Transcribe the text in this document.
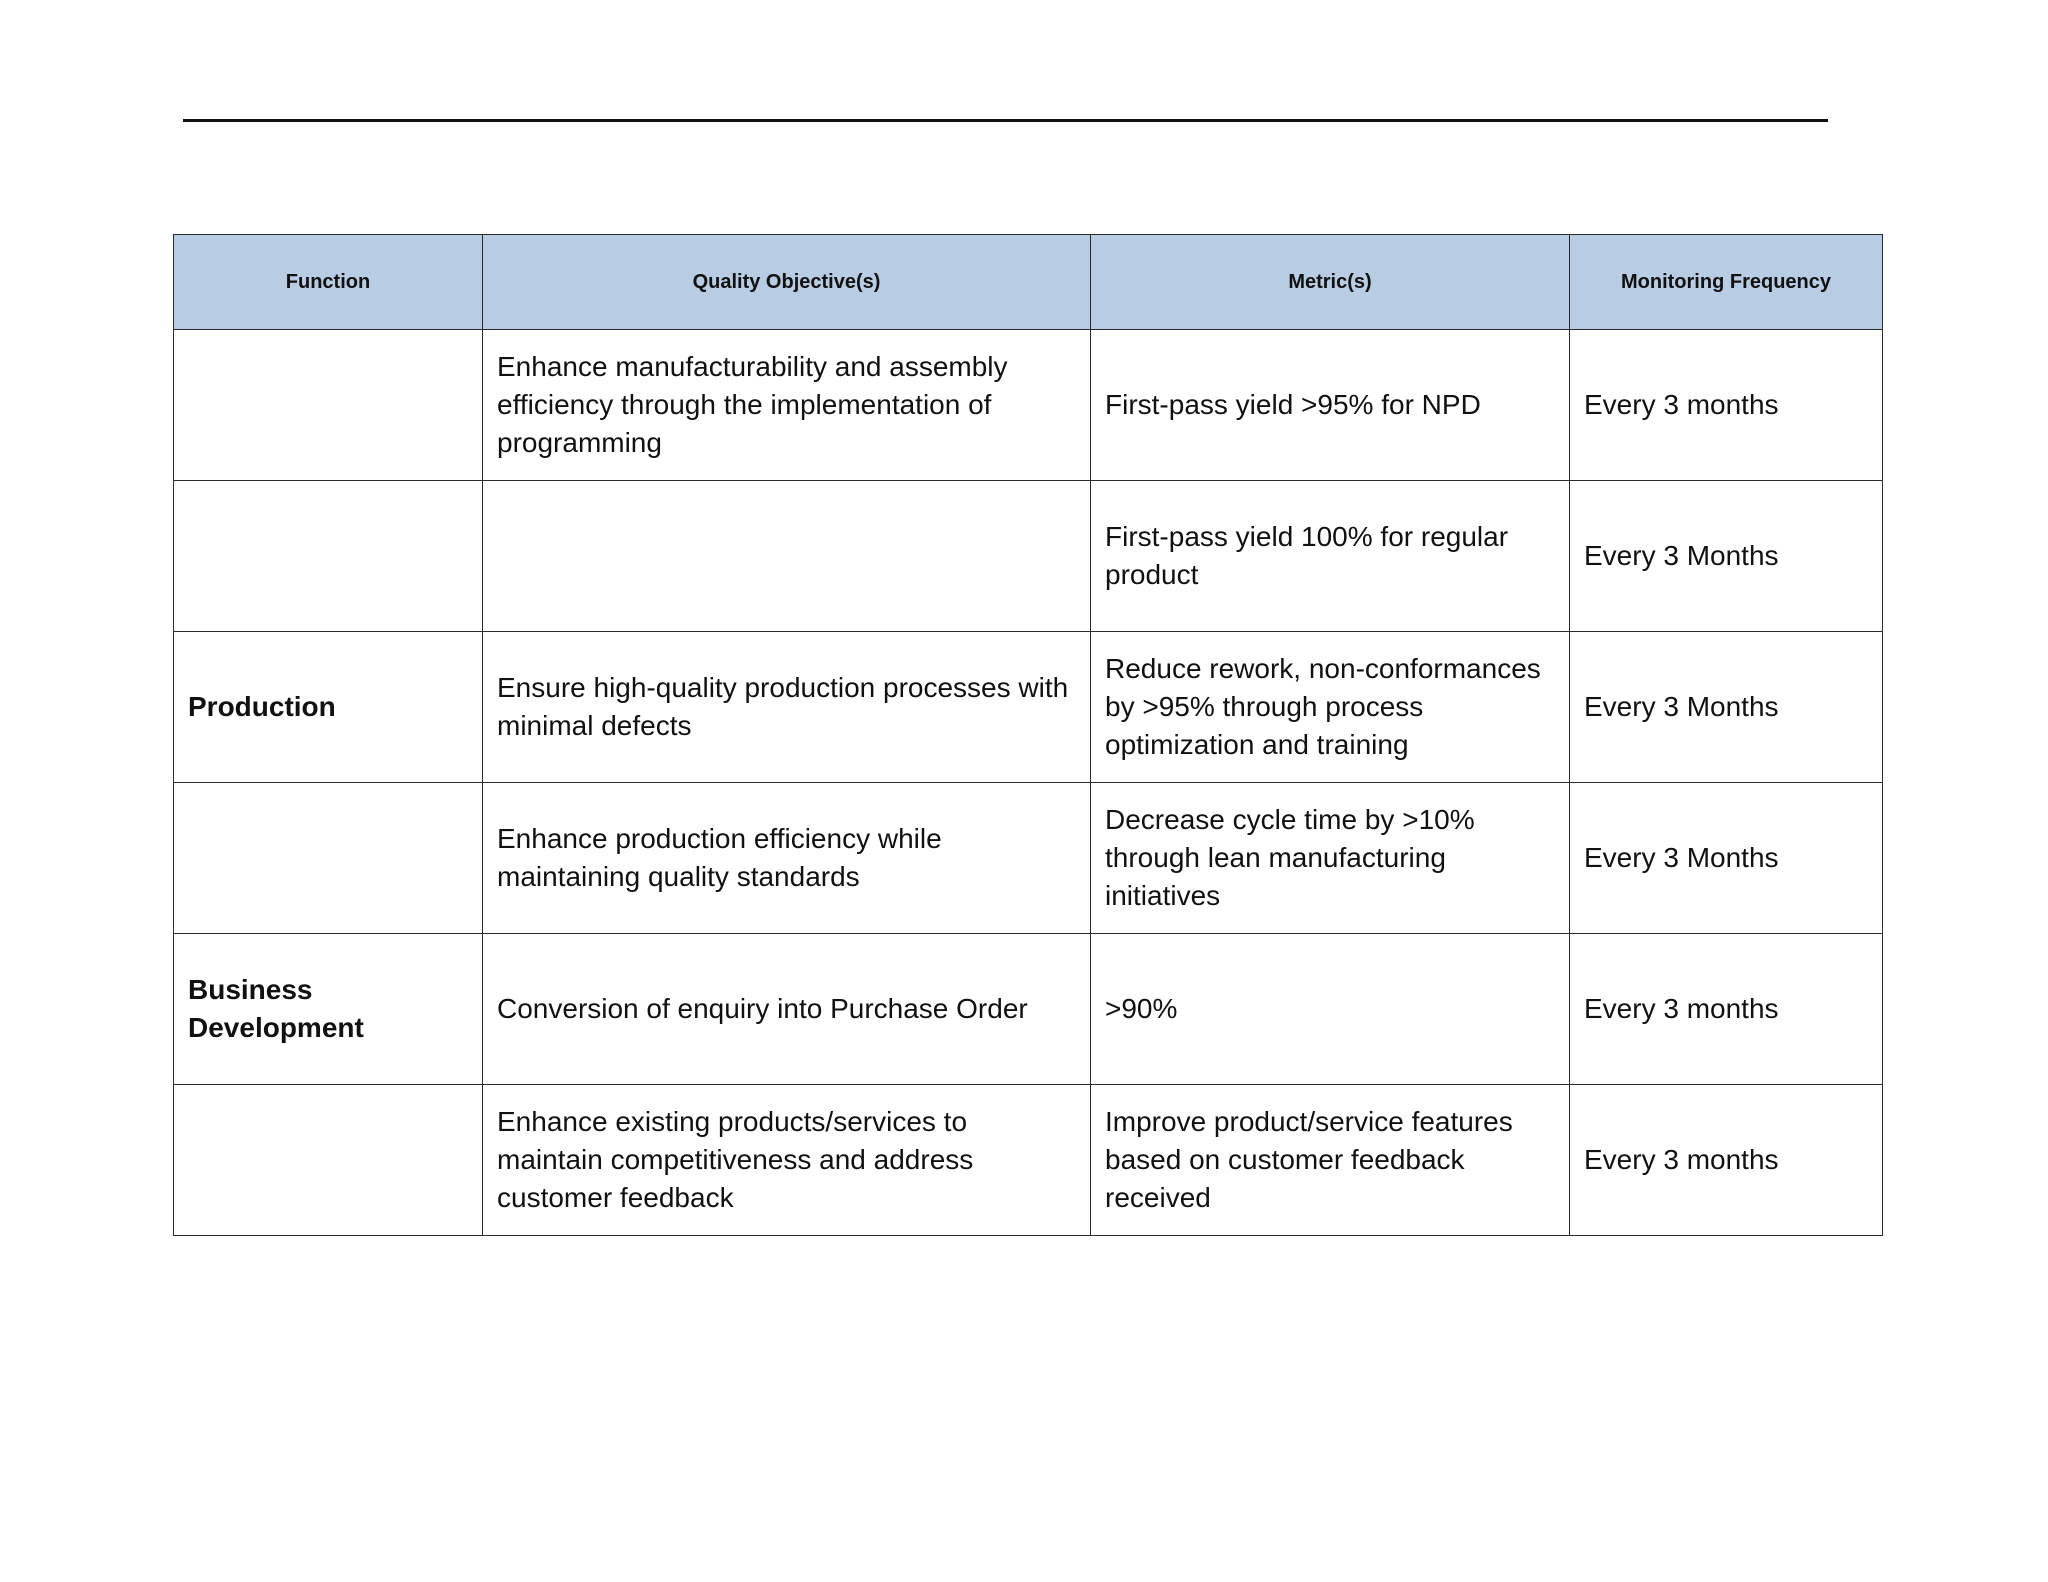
Function	Quality Objective(s)	Metric(s)	Monitoring Frequency
	Enhance manufacturability and assembly efficiency through the implementation of programming	First-pass yield >95% for NPD	Every 3 months
		First-pass yield 100% for regular product	Every 3 Months
Production	Ensure high-quality production processes with minimal defects	Reduce rework, non-conformances by >95% through process optimization and training	Every 3 Months
	Enhance production efficiency while maintaining quality standards	Decrease cycle time by >10% through lean manufacturing initiatives	Every 3 Months
Business Development	Conversion of enquiry into Purchase Order	>90%	Every 3 months
	Enhance existing products/services to maintain competitiveness and address customer feedback	Improve product/service features based on customer feedback received	Every 3 months
